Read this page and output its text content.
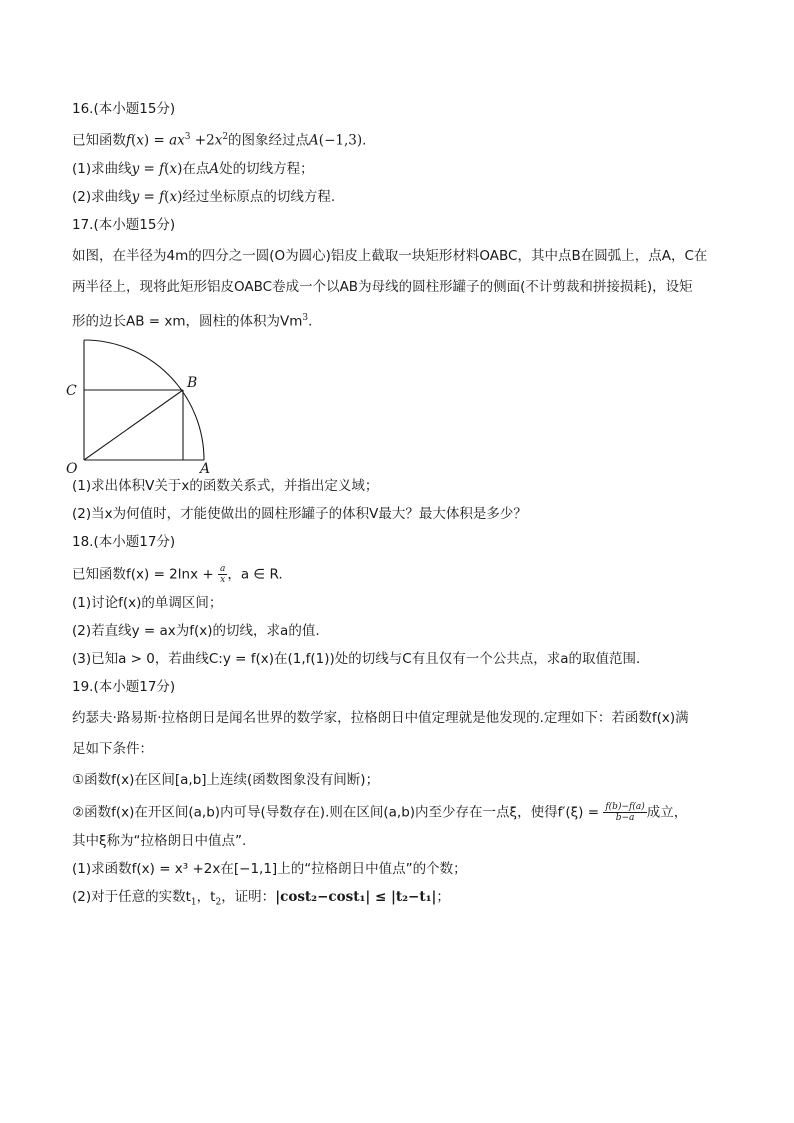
16.(本小题15分)
已知函数$f(x) = ax^3 +2x^2$的图象经过点A(−1,3).
(1)求曲线y = f(x)在点A处的切线方程；
(2)求曲线y = f(x)经过坐标原点的切线方程.
17.(本小题15分)
如图，在半径为4m的四分之一圆(O为圆心)铝皮上截取一块矩形材料OABC，其中点B在圆弧上，点A，C在
两半径上，现将此矩形铝皮OABC卷成一个以AB为母线的圆柱形罐子的侧面(不计剪裁和拼接损耗)，设矩
形的边长AB = xm，圆柱的体积为Vm$^3$.
C	B
O	A
(1)求出体积V关于x的函数关系式，并指出定义域；
(2)当x为何值时，才能使做出的圆柱形罐子的体积V最大？最大体积是多少？
18.(本小题17分)
已知函数$f(x) = 2\ln x + \frac{a}{x}$ ，a ∈ R.
(1)讨论f(x)的单调区间；
(2)若直线y = ax为f(x)的切线，求a的值.
(3)已知a > 0，若曲线C:y = f(x)在(1,f(1))处的切线与C有且仅有一个公共点，求a的取值范围.
19.(本小题17分)
约瑟夫·路易斯·拉格朗日是闻名世界的数学家，拉格朗日中值定理就是他发现的.定理如下：若函数f(x)满
足如下条件：
①函数f(x)在区间[a,b]上连续(函数图象没有间断)；
②函数f(x)在开区间(a,b)内可导(导数存在).则在区间(a,b)内至少存在一点ξ，使得$f'(\xi) = \frac{f(b)-f(a)}{b-a}$ 成立，
其中ξ称为“拉格朗日中值点”.
(1)求函数f(x) = x³ +2x在[−1,1]上的“拉格朗日中值点”的个数；
(2)对于任意的实数$t_1$，$t_2$，证明：|cost₂−cost₁| ≤ |t₂−t₁|；
